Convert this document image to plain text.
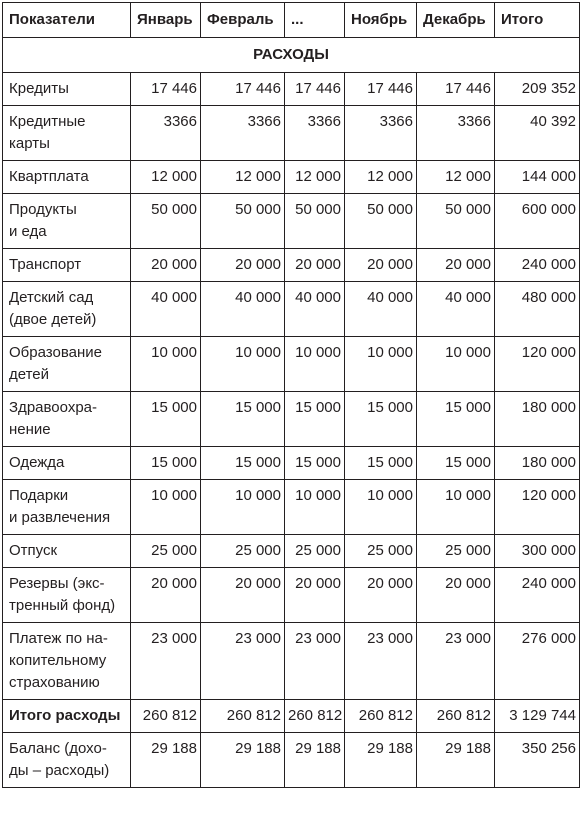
Показатели	Январь	Февраль	...	Ноябрь	Декабрь	Итого
РАСХОДЫ						
Кредиты	17 446	17 446	17 446	17 446	17 446	209 352
Кредитные
карты	3366	3366	3366	3366	3366	40 392
Квартплата	12 000	12 000	12 000	12 000	12 000	144 000
Продукты
и еда	50 000	50 000	50 000	50 000	50 000	600 000
Транспорт	20 000	20 000	20 000	20 000	20 000	240 000
Детский сад
(двое детей)	40 000	40 000	40 000	40 000	40 000	480 000
Образование
детей	10 000	10 000	10 000	10 000	10 000	120 000
Здравоохра-
нение	15 000	15 000	15 000	15 000	15 000	180 000
Одежда	15 000	15 000	15 000	15 000	15 000	180 000
Подарки
и развлечения	10 000	10 000	10 000	10 000	10 000	120 000
Отпуск	25 000	25 000	25 000	25 000	25 000	300 000
Резервы (экс-
тренный фонд)	20 000	20 000	20 000	20 000	20 000	240 000
Платеж по на-
копительному
страхованию	23 000	23 000	23 000	23 000	23 000	276 000
Итого расходы	260 812	260 812	260 812	260 812	260 812	3 129 744
Баланс (дохо-
ды – расходы)	29 188	29 188	29 188	29 188	29 188	350 256
